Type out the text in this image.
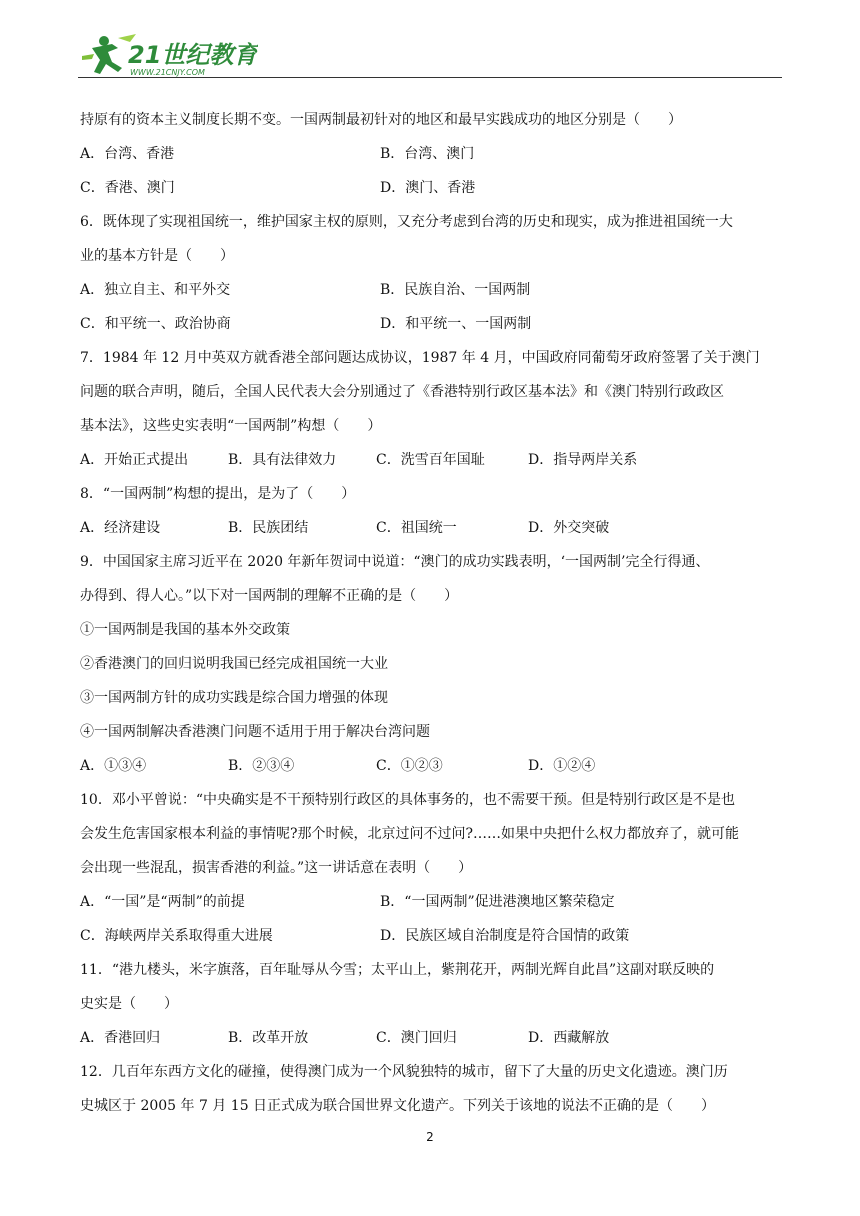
21世纪教育
WWW.21CNJY.COM
持原有的资本主义制度长期不变。一国两制最初针对的地区和最早实践成功的地区分别是（　　）
A．台湾、香港	B．台湾、澳门
C．香港、澳门	D．澳门、香港
6．既体现了实现祖国统一，维护国家主权的原则，又充分考虑到台湾的历史和现实，成为推进祖国统一大
业的基本方针是（　　）
A．独立自主、和平外交	B．民族自治、一国两制
C．和平统一、政治协商	D．和平统一、一国两制
7．1984 年 12 月中英双方就香港全部问题达成协议，1987 年 4 月，中国政府同葡萄牙政府签署了关于澳门
问题的联合声明，随后，全国人民代表大会分别通过了《香港特别行政区基本法》和《澳门特别行政政区
基本法》，这些史实表明“一国两制”构想（　　）
A．开始正式提出	B．具有法律效力	C．洗雪百年国耻	D．指导两岸关系
8．“一国两制”构想的提出，是为了（　　）
A．经济建设	B．民族团结	C．祖国统一	D．外交突破
9．中国国家主席习近平在 2020 年新年贺词中说道：“澳门的成功实践表明，‘一国两制’完全行得通、
办得到、得人心。”以下对一国两制的理解不正确的是（　　）
①一国两制是我国的基本外交政策
②香港澳门的回归说明我国已经完成祖国统一大业
③一国两制方针的成功实践是综合国力增强的体现
④一国两制解决香港澳门问题不适用于用于解决台湾问题
A．①③④	B．②③④	C．①②③	D．①②④
10．邓小平曾说：“中央确实是不干预特别行政区的具体事务的，也不需要干预。但是特别行政区是不是也
会发生危害国家根本利益的事情呢?那个时候，北京过问不过问?……如果中央把什么权力都放弃了，就可能
会出现一些混乱，损害香港的利益。”这一讲话意在表明（　　）
A．“一国”是“两制”的前提	B．“一国两制”促进港澳地区繁荣稳定
C．海峡两岸关系取得重大进展	D．民族区域自治制度是符合国情的政策
11．“港九楼头，米字旗落，百年耻辱从今雪；太平山上，紫荆花开，两制光辉自此昌”这副对联反映的
史实是（　　）
A．香港回归	B．改革开放	C．澳门回归	D．西藏解放
12．几百年东西方文化的碰撞，使得澳门成为一个风貌独特的城市，留下了大量的历史文化遗迹。澳门历
史城区于 2005 年 7 月 15 日正式成为联合国世界文化遗产。下列关于该地的说法不正确的是（　　）
2
